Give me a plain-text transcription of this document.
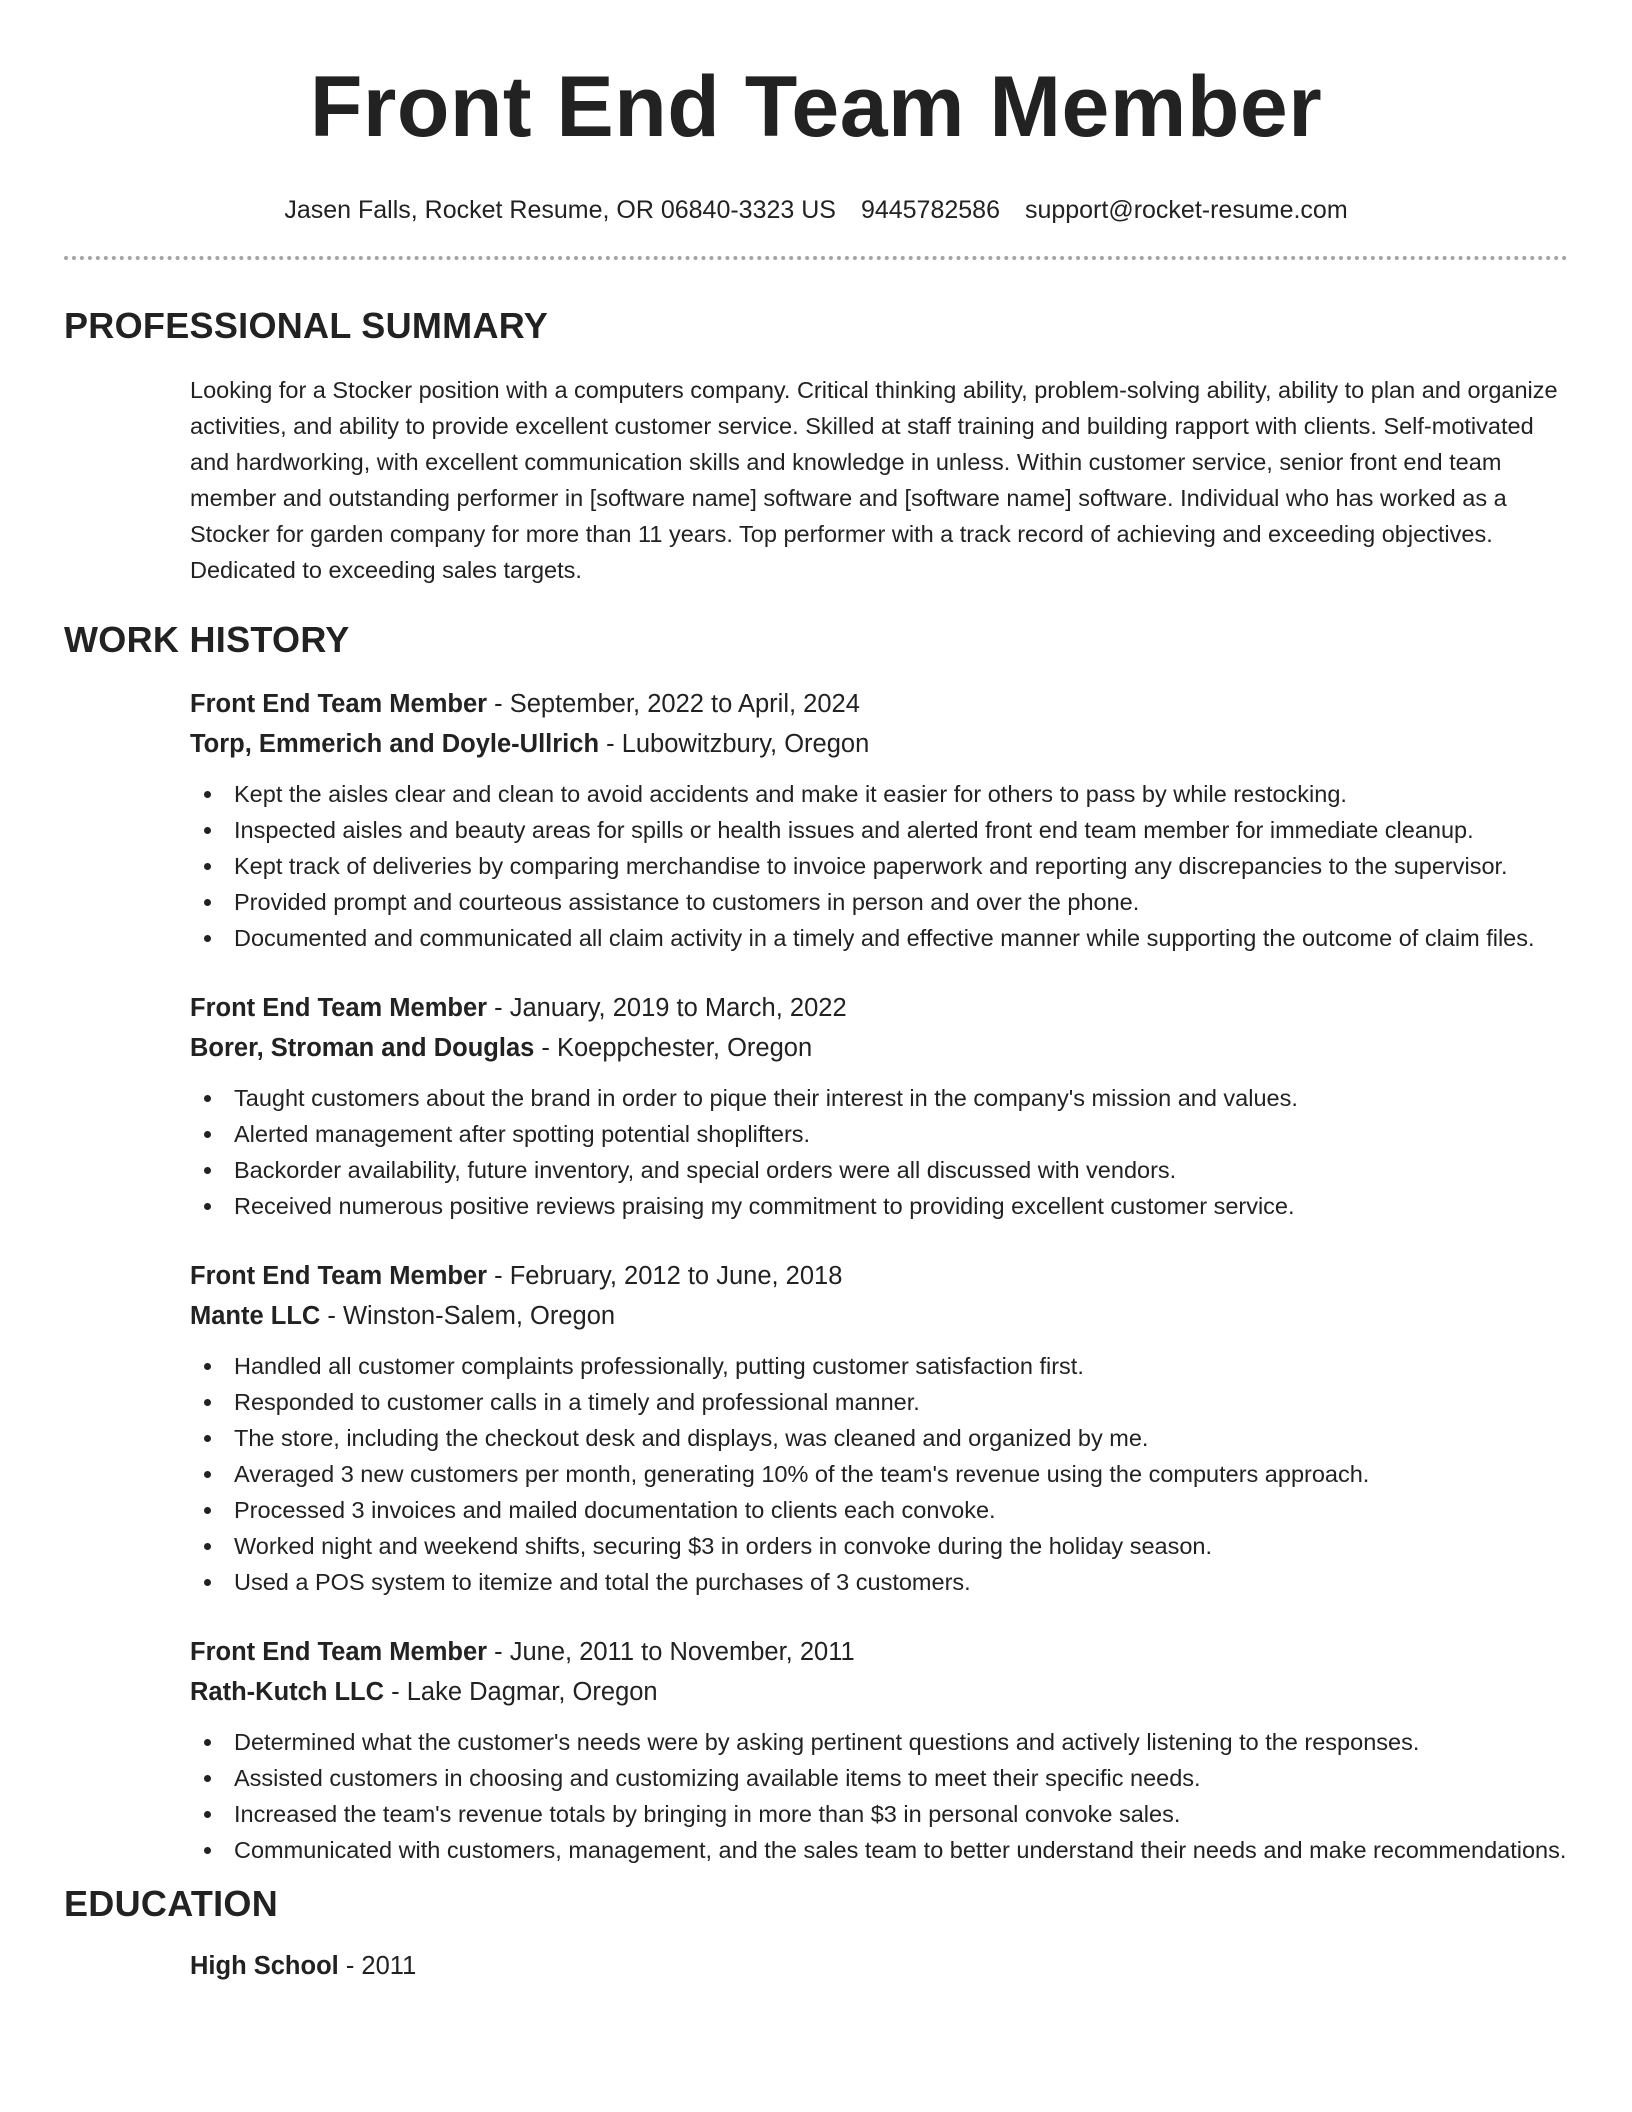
Front End Team Member
Jasen Falls, Rocket Resume, OR 06840-3323 US 9445782586 support@rocket-resume.com
PROFESSIONAL SUMMARY

Looking for a Stocker position with a computers company. Critical thinking ability, problem-solving ability, ability to plan and organize activities, and ability to provide excellent customer service. Skilled at staff training and building rapport with clients. Self-motivated and hardworking, with excellent communication skills and knowledge in unless. Within customer service, senior front end team member and outstanding performer in [software name] software and [software name] software. Individual who has worked as a Stocker for garden company for more than 11 years. Top performer with a track record of achieving and exceeding objectives. Dedicated to exceeding sales targets.

WORK HISTORY
Front End Team Member - September, 2022 to April, 2024
Torp, Emmerich and Doyle-Ullrich - Lubowitzbury, Oregon
Kept the aisles clear and clean to avoid accidents and make it easier for others to pass by while restocking.
Inspected aisles and beauty areas for spills or health issues and alerted front end team member for immediate cleanup.
Kept track of deliveries by comparing merchandise to invoice paperwork and reporting any discrepancies to the supervisor.
Provided prompt and courteous assistance to customers in person and over the phone.
Documented and communicated all claim activity in a timely and effective manner while supporting the outcome of claim files.
Front End Team Member - January, 2019 to March, 2022
Borer, Stroman and Douglas - Koeppchester, Oregon
Taught customers about the brand in order to pique their interest in the company's mission and values.
Alerted management after spotting potential shoplifters.
Backorder availability, future inventory, and special orders were all discussed with vendors.
Received numerous positive reviews praising my commitment to providing excellent customer service.
Front End Team Member - February, 2012 to June, 2018
Mante LLC - Winston-Salem, Oregon
Handled all customer complaints professionally, putting customer satisfaction first.
Responded to customer calls in a timely and professional manner.
The store, including the checkout desk and displays, was cleaned and organized by me.
Averaged 3 new customers per month, generating 10% of the team's revenue using the computers approach.
Processed 3 invoices and mailed documentation to clients each convoke.
Worked night and weekend shifts, securing $3 in orders in convoke during the holiday season.
Used a POS system to itemize and total the purchases of 3 customers.
Front End Team Member - June, 2011 to November, 2011
Rath-Kutch LLC - Lake Dagmar, Oregon
Determined what the customer's needs were by asking pertinent questions and actively listening to the responses.
Assisted customers in choosing and customizing available items to meet their specific needs.
Increased the team's revenue totals by bringing in more than $3 in personal convoke sales.
Communicated with customers, management, and the sales team to better understand their needs and make recommendations.
EDUCATION
High School - 2011
